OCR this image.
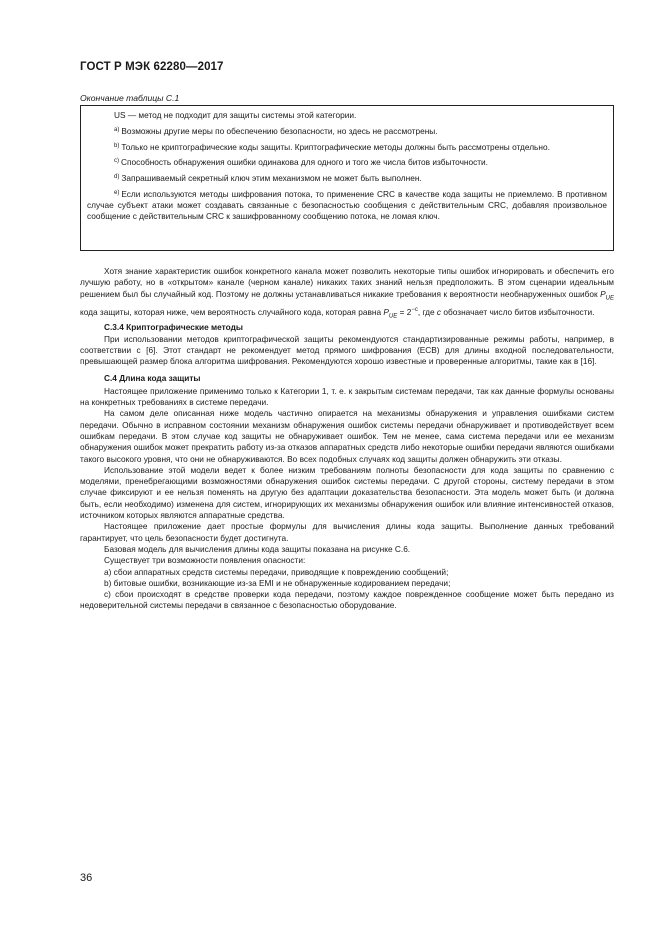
ГОСТ Р МЭК 62280—2017
Окончание таблицы С.1

US — метод не подходит для защиты системы этой категории.

$^{a)}$ Возможны другие меры по обеспечению безопасности, но здесь не рассмотрены.

$^{b)}$ Только не криптографические коды защиты. Криптографические методы должны быть рассмотрены отдельно.

$^{c)}$ Способность обнаружения ошибки одинакова для одного и того же числа битов избыточности.

$^{d)}$ Запрашиваемый секретный ключ этим механизмом не может быть выполнен.

$^{e)}$ Если используются методы шифрования потока, то применение CRC в качестве кода защиты не приемлемо. В противном случае субъект атаки может создавать связанные с безопасностью сообщения с действительным CRC, добавляя произвольное сообщение с действительным CRC к зашифрованному сообщению потока, не ломая ключ.

Хотя знание характеристик ошибок конкретного канала может позволить некоторые типы ошибок игнорировать и обеспечить его лучшую работу, но в «открытом» канале (черном канале) никаких таких знаний нельзя предположить. В этом сценарии идеальным решением был бы случайный код. Поэтому не должны устанавливаться никакие требования к вероятности необнаруженных ошибок $P_{UE}$ кода защиты, которая ниже, чем вероятность случайного кода, которая равна $P_{UE} = 2^{-c}$, где c обозначает число битов избыточности.

С.3.4 Криптографические методы

При использовании методов криптографической защиты рекомендуются стандартизированные режимы работы, например, в соответствии с [6]. Этот стандарт не рекомендует метод прямого шифрования (ECB) для длины входной последовательности, превышающей размер блока алгоритма шифрования. Рекомендуются хорошо известные и проверенные алгоритмы, такие как в [16].

С.4 Длина кода защиты

Настоящее приложение применимо только к Категории 1, т. е. к закрытым системам передачи, так как данные формулы основаны на конкретных требованиях в системе передачи.

На самом деле описанная ниже модель частично опирается на механизмы обнаружения и управления ошибками систем передачи. Обычно в исправном состоянии механизм обнаружения ошибок системы передачи обнаруживает и противодействует всем ошибкам передачи. В этом случае код защиты не обнаруживает ошибок. Тем не менее, сама система передачи или ее механизм обнаружения ошибок может прекратить работу из-за отказов аппаратных средств либо некоторые ошибки передачи являются ошибками такого высокого уровня, что они не обнаруживаются. Во всех подобных случаях код защиты должен обнаружить эти отказы.

Использование этой модели ведет к более низким требованиям полноты безопасности для кода защиты по сравнению с моделями, пренебрегающими возможностями обнаружения ошибок системы передачи. С другой стороны, систему передачи в этом случае фиксируют и ее нельзя поменять на другую без адаптации доказательства безопасности. Эта модель может быть (и должна быть, если необходимо) изменена для систем, игнорирующих их механизмы обнаружения ошибок или влияние интенсивностей отказов, источником которых являются аппаратные средства.

Настоящее приложение дает простые формулы для вычисления длины кода защиты. Выполнение данных требований гарантирует, что цель безопасности будет достигнута.

Базовая модель для вычисления длины кода защиты показана на рисунке С.6.

Существует три возможности появления опасности:

а) сбои аппаратных средств системы передачи, приводящие к повреждению сообщений;

b) битовые ошибки, возникающие из-за EMI и не обнаруженные кодированием передачи;

с) сбои происходят в средстве проверки кода передачи, поэтому каждое поврежденное сообщение может быть передано из недоверительной системы передачи в связанное с безопасностью оборудование.

36
